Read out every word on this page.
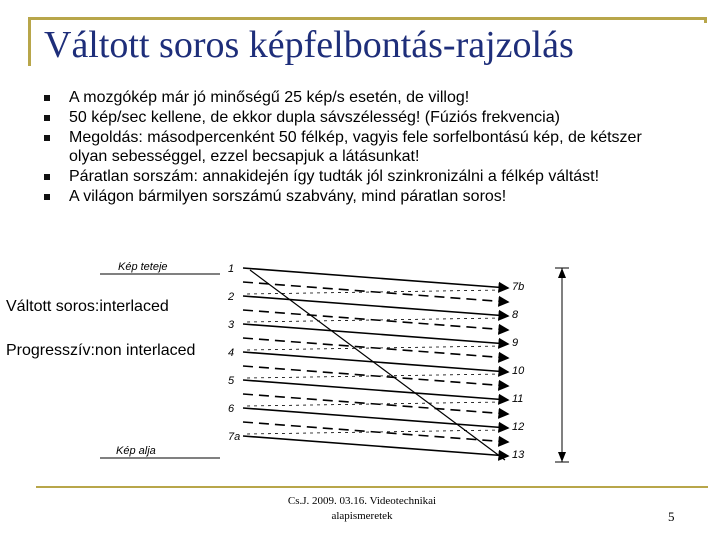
Váltott soros képfelbontás-rajzolás
A mozgókép már jó minőségű 25 kép/s esetén, de villog!
50 kép/sec kellene, de ekkor dupla sávszélesség! (Fúziós frekvencia)
Megoldás: másodpercenként 50 félkép, vagyis fele sorfelbontású kép, de kétszer olyan sebességgel, ezzel becsapjuk a látásunkat!
Páratlan sorszám: annakidején így tudták jól szinkronizálni a félkép váltást!
A világon bármilyen sorszámú szabvány, mind páratlan soros!
1
2
3
4
5
6
7a
7b
8
9
10
11
12
13
Kép teteje
Kép alja
Váltott soros:interlaced
Progresszív:non interlaced
Cs.J. 2009. 03.16. Videotechnikai
alapismeretek	5
